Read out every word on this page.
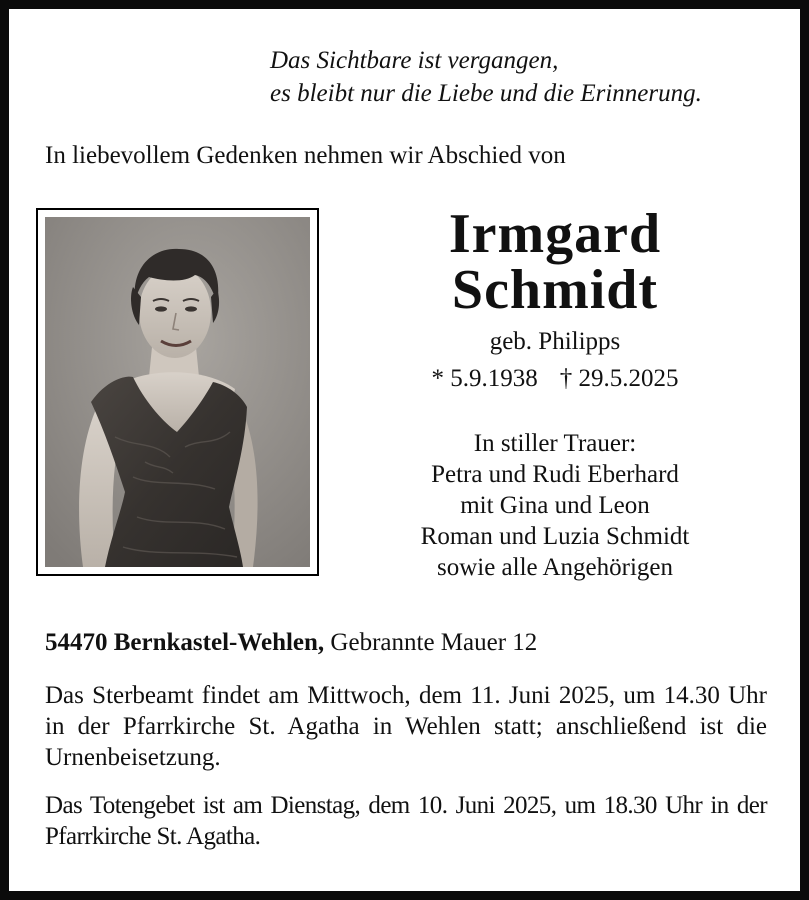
Das Sichtbare ist vergangen,
es bleibt nur die Liebe und die Erinnerung.
In liebevollem Gedenken nehmen wir Abschied von
Irmgard
Schmidt
geb. Philipps
* 5.9.1938 † 29.5.2025
In stiller Trauer:
Petra und Rudi Eberhard
mit Gina und Leon
Roman und Luzia Schmidt
sowie alle Angehörigen
54470 Bernkastel-Wehlen, Gebrannte Mauer 12
Das Sterbeamt findet am Mittwoch, dem 11. Juni 2025, um 14.30 Uhr in der Pfarrkirche St. Agatha in Wehlen statt; anschließend ist die Urnenbeisetzung.
Das Totengebet ist am Dienstag, dem 10. Juni 2025, um 18.30 Uhr in der Pfarrkirche St. Agatha.
